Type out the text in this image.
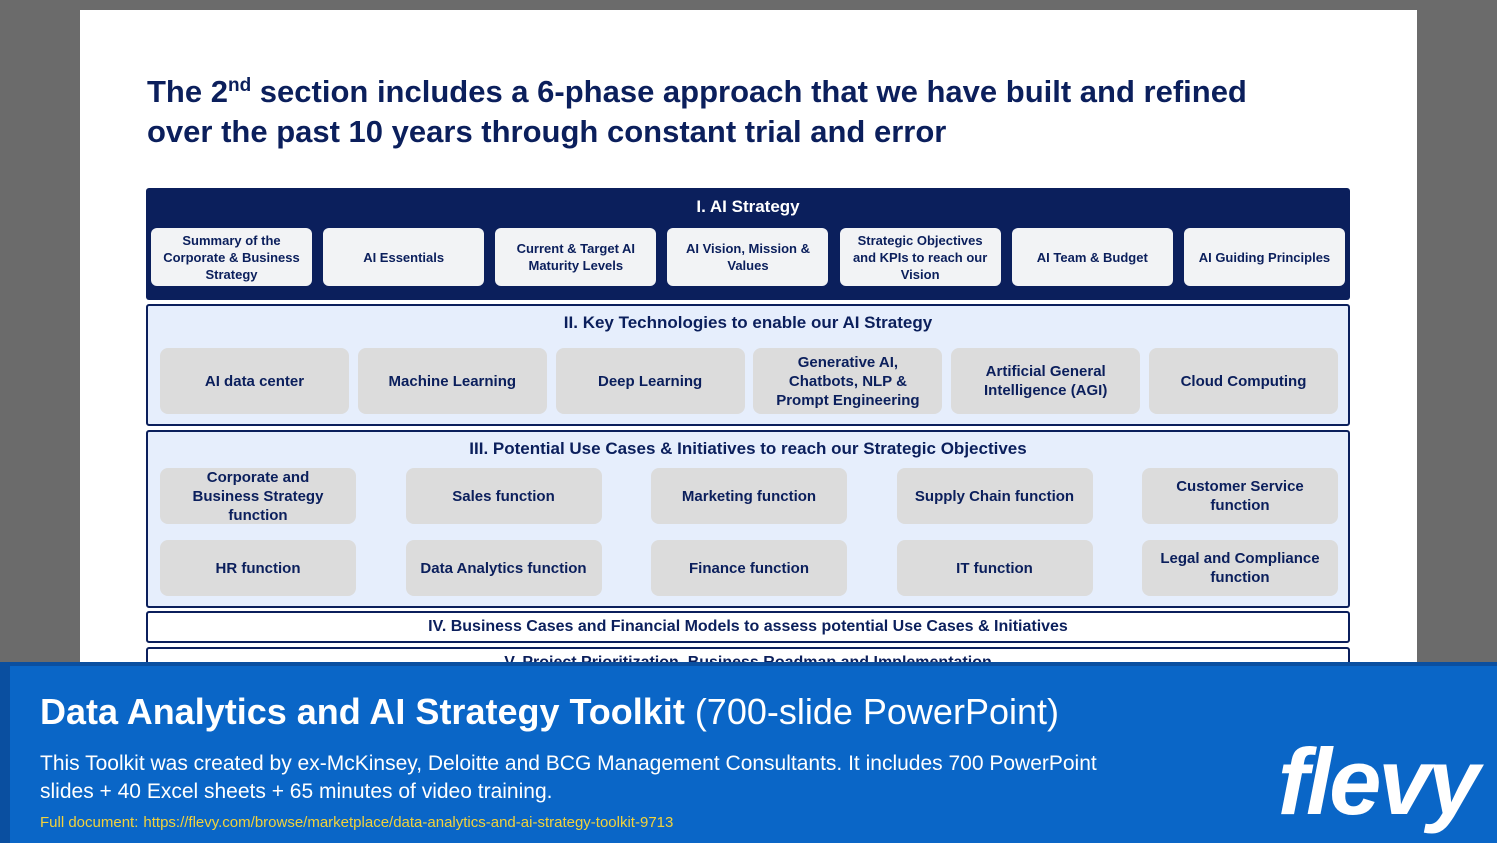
The 2nd section includes a 6-phase approach that we have built and refined over the past 10 years through constant trial and error
I. AI Strategy
Summary of the Corporate & Business Strategy
AI Essentials
Current & Target AI Maturity Levels
AI Vision, Mission & Values
Strategic Objectives and KPIs to reach our Vision
AI Team & Budget	AI Guiding Principles
II. Key Technologies to enable our AI Strategy
AI data center	Machine Learning	Deep Learning
Generative AI, Chatbots, NLP & Prompt Engineering
Artificial General Intelligence (AGI)
Cloud Computing
III. Potential Use Cases & Initiatives to reach our Strategic Objectives
Corporate and Business Strategy function
Sales function	Marketing function	Supply Chain function
Customer Service function
HR function	Data Analytics function	Finance function	IT function
Legal and Compliance function
IV. Business Cases and Financial Models to assess potential Use Cases & Initiatives
Data Analytics and AI Strategy Toolkit (700-slide PowerPoint)
This Toolkit was created by ex-McKinsey, Deloitte and BCG Management Consultants. It includes 700 PowerPoint slides + 40 Excel sheets + 65 minutes of video training.
Full document: https://flevy.com/browse/marketplace/data-analytics-and-ai-strategy-toolkit-9713	flevy
